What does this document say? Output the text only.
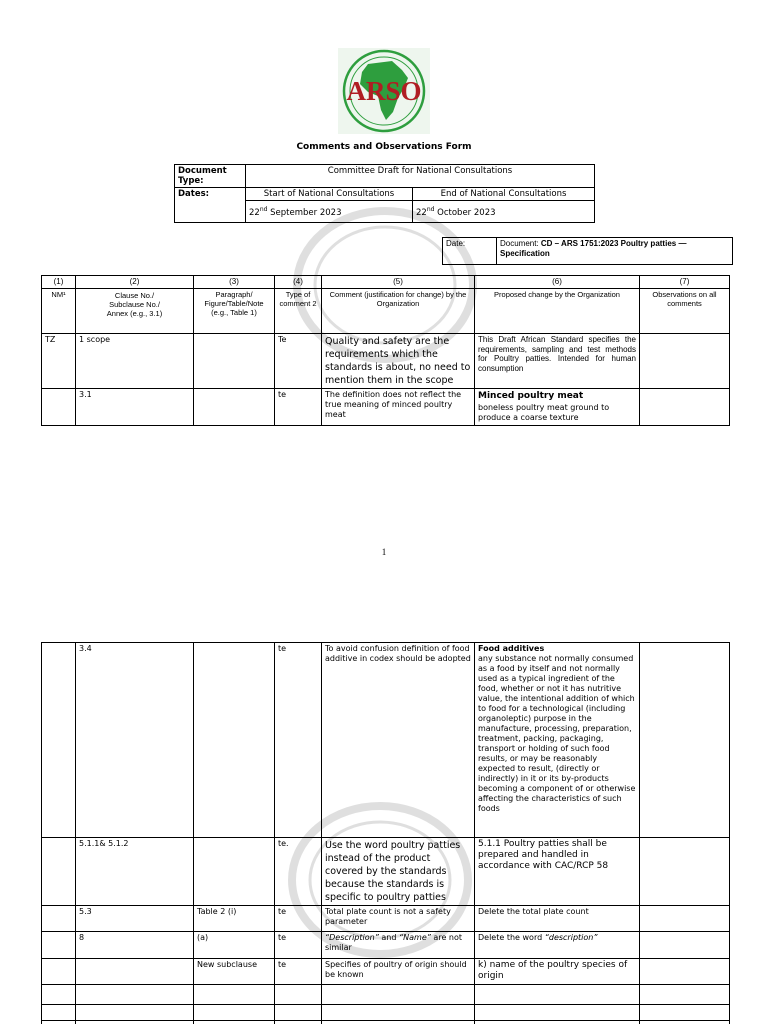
ARSO
Comments and Observations Form
Document Type:	Committee Draft for National Consultations	
Dates:	Start of National Consultations	End of National Consultations
	22nd September 2023	22nd October 2023
Date:	Document: CD – ARS 1751:2023 Poultry patties — Specification
(1)	(2)	(3)	(4)	(5)	(6)	(7)
NM¹	Clause No./ Subclause No./ Annex (e.g., 3.1)	Paragraph/ Figure/Table/Note (e.g., Table 1)	Type of comment 2	Comment (justification for change) by the Organization	Proposed change by the Organization	Observations on all comments
TZ	1 scope		Te	Quality and safety are the requirements which the standards is about, no need to mention them in the scope	This Draft African Standard specifies the requirements, sampling and test methods for Poultry patties. Intended for human consumption	
	3.1		te	The definition does not reflect the true meaning of minced poultry meat	Minced poultry meat
boneless poultry meat ground to produce a coarse texture	

1
	3.4		te	To avoid confusion definition of food additive in codex should be adopted	Food additives
any substance not normally consumed as a food by itself and not normally used as a typical ingredient of the food, whether or not it has nutritive value, the intentional addition of which to food for a technological (including organoleptic) purpose in the manufacture, processing, preparation, treatment, packing, packaging, transport or holding of such food results, or may be reasonably expected to result, (directly or indirectly) in it or its by-products becoming a component of or otherwise affecting the characteristics of such foods	

	5.1.1& 5.1.2		te.	Use the word poultry patties instead of the product covered by the standards because the standards is specific to poultry patties	5.1.1 Poultry patties shall be prepared and handled in accordance with CAC/RCP 58	
	5.3	Table 2 (i)	te	Total plate count is not a safety parameter	Delete the total plate count	
	8	(a)	te	“Description” and “Name” are not similar	Delete the word “description”	
		New subclause	te	Specifies of poultry of origin should be known	k) name of the poultry species of origin	
